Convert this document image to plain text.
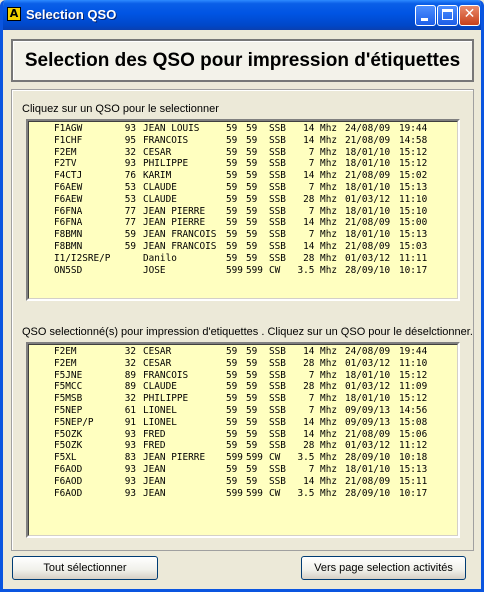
A Selection QSO	✕
Selection des QSO pour impression d'étiquettes
Cliquez sur un QSO pour le selectionner
F1AGW	93 JEAN LOUIS	59 59 SSB	14 Mhz 24/08/09 19:44
F1CHF	95 FRANCOIS	59 59 SSB	14 Mhz 21/08/09 14:58
F2EM	32 CESAR	59 59 SSB	7 Mhz 18/01/10 15:12
F2TV	93 PHILIPPE	59 59 SSB	7 Mhz 18/01/10 15:12
F4CTJ	76 KARIM	59 59 SSB	14 Mhz 21/08/09 15:02
F6AEW	53 CLAUDE	59 59 SSB	7 Mhz 18/01/10 15:13
F6AEW	53 CLAUDE	59 59 SSB	28 Mhz 01/03/12 11:10
F6FNA	77 JEAN PIERRE 59 59 SSB	7 Mhz 18/01/10 15:10
F6FNA	77 JEAN PIERRE 59 59 SSB	14 Mhz 21/08/09 15:00
F8BMN	59 JEAN FRANCOIS 59 59 SSB	7 Mhz 18/01/10 15:13
F8BMN	59 JEAN FRANCOIS 59 59 SSB	14 Mhz 21/08/09 15:03
I1/I2SRE/P	Danilo	59 59 SSB	28 Mhz 01/03/12 11:11
ON5SD	JOSE	599 599 CW 3.5 Mhz 28/09/10 10:17
QSO selectionné(s) pour impression d'etiquettes . Cliquez sur un QSO pour le déselctionner.
F2EM	32 CESAR	59 59 SSB	14 Mhz 24/08/09 19:44
F2EM	32 CESAR	59 59 SSB	28 Mhz 01/03/12 11:10
F5JNE	89 FRANCOIS	59 59 SSB	7 Mhz 18/01/10 15:12
F5MCC	89 CLAUDE	59 59 SSB	28 Mhz 01/03/12 11:09
F5MSB	32 PHILIPPE	59 59 SSB	7 Mhz 18/01/10 15:12
F5NEP	61 LIONEL	59 59 SSB	7 Mhz 09/09/13 14:56
F5NEP/P	91 LIONEL	59 59 SSB	14 Mhz 09/09/13 15:08
F5OZK	93 FRED	59 59 SSB	14 Mhz 21/08/09 15:06
F5OZK	93 FRED	59 59 SSB	28 Mhz 01/03/12 11:12
F5XL	83 JEAN PIERRE 599 599 CW 3.5 Mhz 28/09/10 10:18
F6AOD	93 JEAN	59 59 SSB	7 Mhz 18/01/10 15:13
F6AOD	93 JEAN	59 59 SSB	14 Mhz 21/08/09 15:11
F6AOD	93 JEAN	599 599 CW 3.5 Mhz 28/09/10 10:17
Tout sélectionner	Vers page selection activités
